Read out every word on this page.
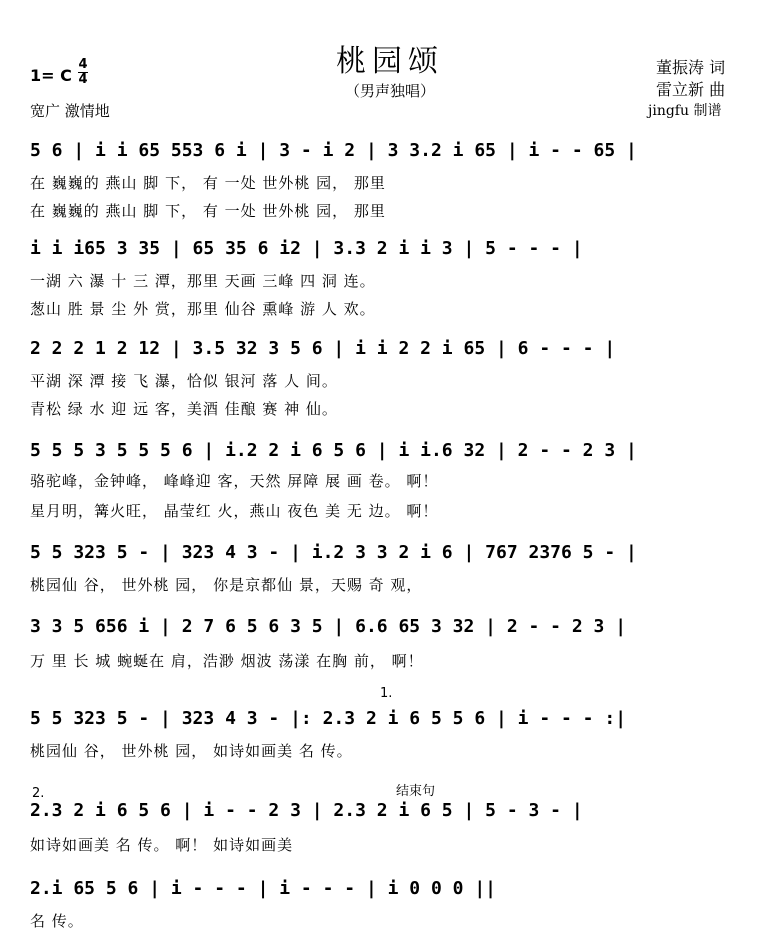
桃园颂
（男声独唱）
1= C
4
4
宽广 激情地
董振涛 词
雷立新 曲
jingfu 制谱
5 6 | i i 65 553 6 i | 3 - i 2 | 3 3.2 i 65 | i - - 65 |
在 巍巍的 燕山 脚 下， 有 一处 世外桃 园， 那里
在 巍巍的 燕山 脚 下， 有 一处 世外桃 园， 那里
i i i65 3 35 | 65 35 6 i2 | 3.3 2 i i 3 | 5 - - - |
一湖 六 瀑 十 三 潭，那里 天画 三峰 四 洞 连。
葱山 胜 景 尘 外 赏，那里 仙谷 熏峰 游 人 欢。
2 2 2 1 2 12 | 3.5 32 3 5 6 | i i 2 2 i 65 | 6 - - - |
平湖 深 潭 接 飞 瀑，恰似 银河 落 人 间。
青松 绿 水 迎 远 客，美酒 佳酿 赛 神 仙。
5 5 5 3 5 5 5 6 | i.2 2 i 6 5 6 | i i.6 32 | 2 - - 2 3 |
骆驼峰，金钟峰， 峰峰迎 客，天然 屏障 展 画 卷。 啊！
星月明，篝火旺， 晶莹红 火，燕山 夜色 美 无 边。 啊！
5 5 323 5 - | 323 4 3 - | i.2 3 3 2 i 6 | 767 2376 5 - |
桃园仙 谷， 世外桃 园， 你是京都仙 景，天赐 奇 观，
3 3 5 656 i | 2 7 6 5 6 3 5 | 6.6 65 3 32 | 2 - - 2 3 |
万 里 长 城 蜿蜒在 肩，浩渺 烟波 荡漾 在胸 前， 啊！
1.
5 5 323 5 - | 323 4 3 - |: 2.3 2 i 6 5 5 6 | i - - - :|
桃园仙 谷， 世外桃 园， 如诗如画美 名 传。
2.	结束句
2.3 2 i 6 5 6 | i - - 2 3 | 2.3 2 i 6 5 | 5 - 3 - |
如诗如画美 名 传。 啊！ 如诗如画美
2.i 65 5 6 | i - - - | i - - - | i 0 0 0 ||
名 传。
